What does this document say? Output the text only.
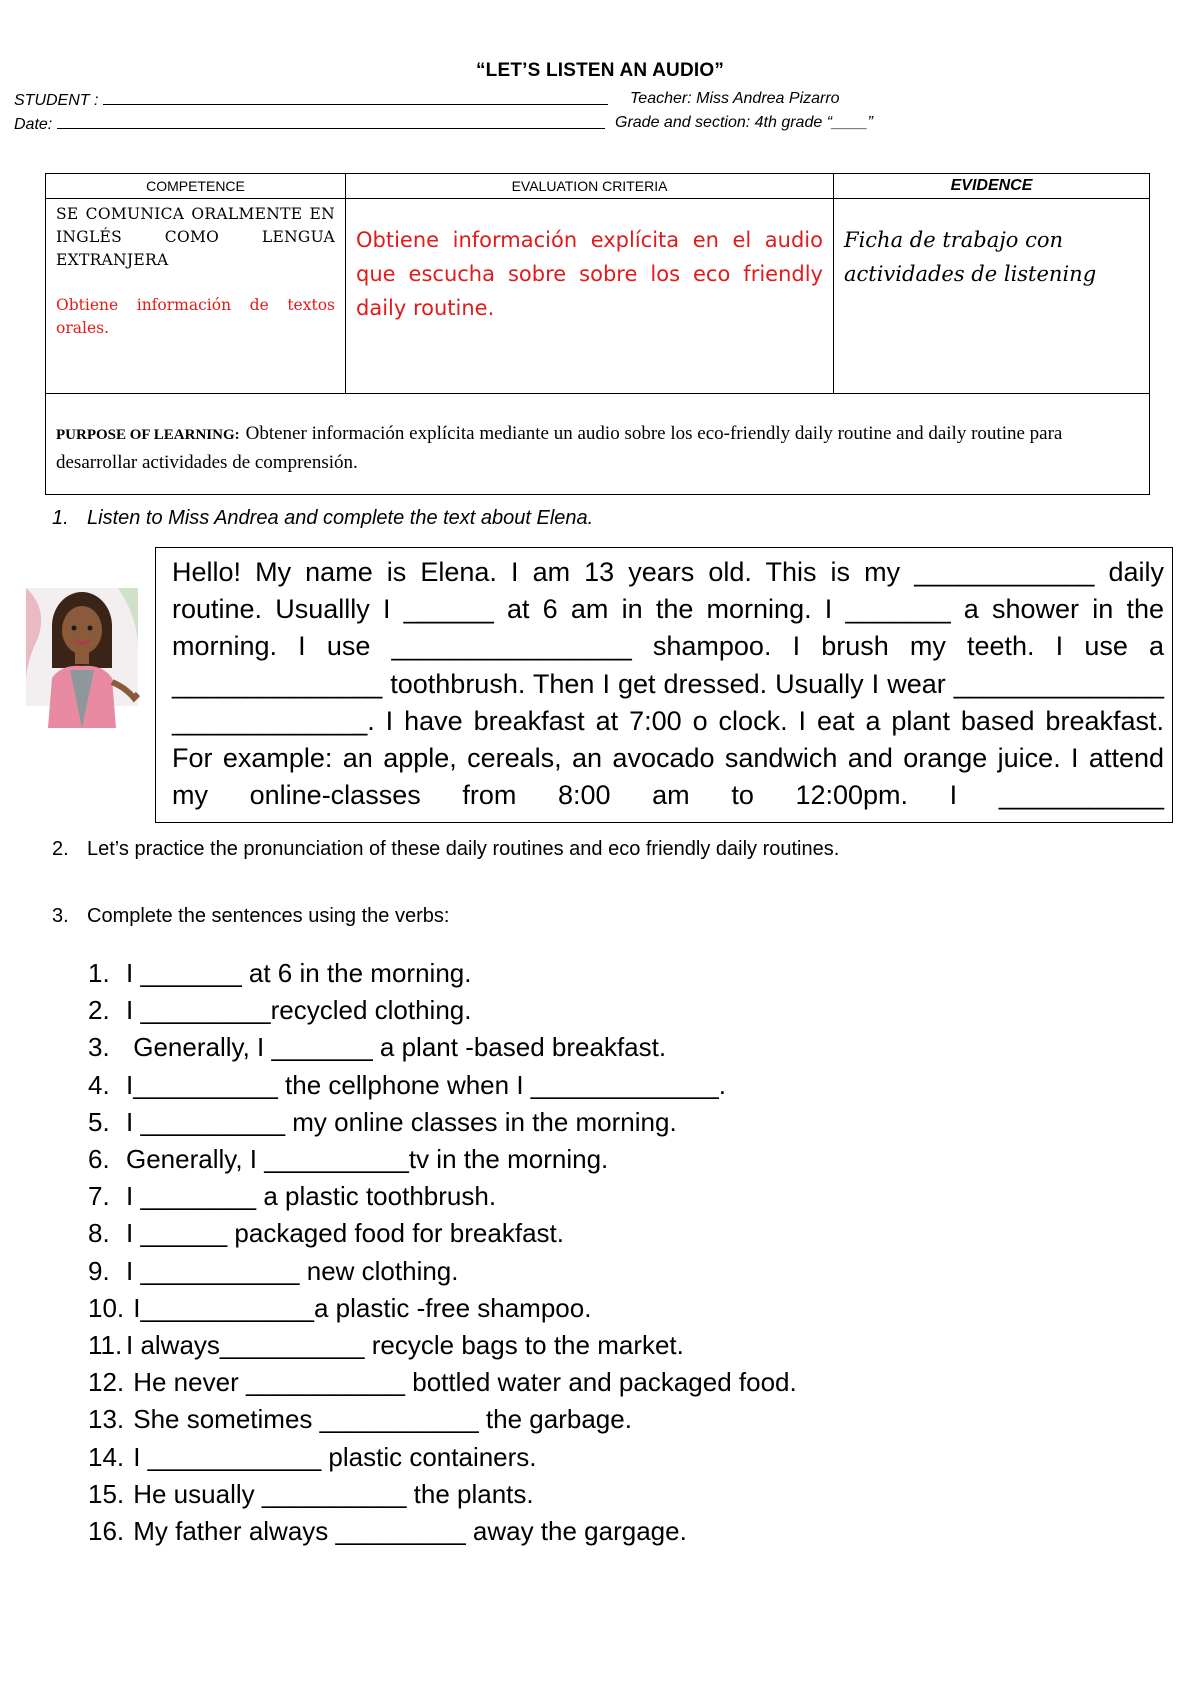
“LET’S LISTEN AN AUDIO”
STUDENT :	Teacher: Miss Andrea Pizarro
Date:	Grade and section: 4th grade “____”
COMPETENCE	EVALUATION CRITERIA	EVIDENCE

SE COMUNICA ORALMENTE EN INGLÉS COMO LENGUA EXTRANJERA
Obtiene información de textos orales.	Obtiene información explícita en el audio que escucha sobre sobre los eco friendly daily routine.	Ficha de trabajo con actividades de listening
PURPOSE OF LEARNING: Obtener información explícita mediante un audio sobre los eco-friendly daily routine and daily routine para desarrollar actividades de comprensión.		
1. Listen to Miss Andrea and complete the text about Elena.
Hello! My name is Elena. I am 13 years old. This is my ____________ daily routine. Usuallly I ______ at 6 am in the morning. I _______ a shower in the morning. I use ________________ shampoo. I brush my teeth. I use a ______________ toothbrush. Then I get dressed. Usually I wear ______________ _____________. I have breakfast at 7:00 o clock. I eat a plant based breakfast. For example: an apple, cereals, an avocado sandwich and orange juice. I attend my online-classes from 8:00 am to 12:00pm. I ___________
2. Let’s practice the pronunciation of these daily routines and eco friendly daily routines.
3. Complete the sentences using the verbs:
1. I _______ at 6 in the morning.
2. I _________recycled clothing.
3. Generally, I _______ a plant -based breakfast.
4. I__________ the cellphone when I _____________.
5. I __________ my online classes in the morning.
6. Generally, I __________tv in the morning.
7. I ________ a plastic toothbrush.
8. I ______ packaged food for breakfast.
9. I ___________ new clothing.
10. I____________a plastic -free shampoo.
11. I always__________ recycle bags to the market.
12. He never ___________ bottled water and packaged food.
13. She sometimes ___________ the garbage.
14. I ____________ plastic containers.
15. He usually __________ the plants.
16. My father always _________ away the gargage.
